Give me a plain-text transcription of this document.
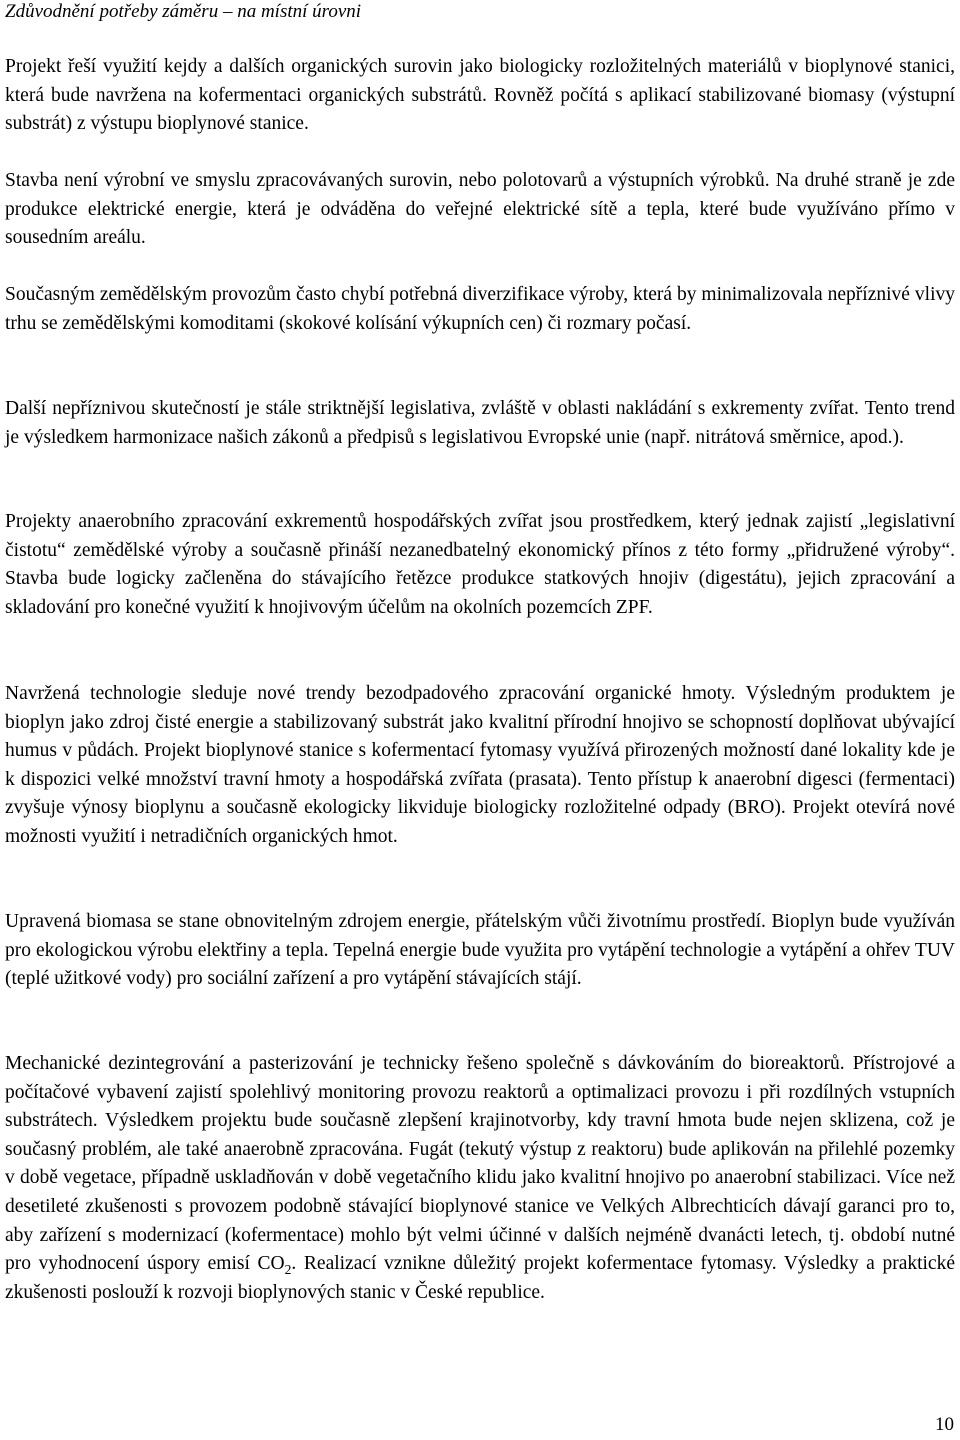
Zdůvodnění potřeby záměru – na místní úrovni

Projekt řeší využití kejdy a dalších organických surovin jako biologicky rozložitelných materiálů v bioplynové stanici, která bude navržena na kofermentaci organických substrátů. Rovněž počítá s aplikací stabilizované biomasy (výstupní substrát) z výstupu bioplynové stanice.

Stavba není výrobní ve smyslu zpracovávaných surovin, nebo polotovarů a výstupních výrobků. Na druhé straně je zde produkce elektrické energie, která je odváděna do veřejné elektrické sítě a tepla, které bude využíváno přímo v sousedním areálu.

Současným zemědělským provozům často chybí potřebná diverzifikace výroby, která by minimalizovala nepříznivé vlivy trhu se zemědělskými komoditami (skokové kolísání výkupních cen) či rozmary počasí.

Další nepříznivou skutečností je stále striktnější legislativa, zvláště v oblasti nakládání s exkrementy zvířat. Tento trend je výsledkem harmonizace našich zákonů a předpisů s legislativou Evropské unie (např. nitrátová směrnice, apod.).

Projekty anaerobního zpracování exkrementů hospodářských zvířat jsou prostředkem, který jednak zajistí „legislativní čistotu“ zemědělské výroby a současně přináší nezanedbatelný ekonomický přínos z této formy „přidružené výroby“. Stavba bude logicky začleněna do stávajícího řetězce produkce statkových hnojiv (digestátu), jejich zpracování a skladování pro konečné využití k hnojivovým účelům na okolních pozemcích ZPF.

Navržená technologie sleduje nové trendy bezodpadového zpracování organické hmoty. Výsledným produktem je bioplyn jako zdroj čisté energie a stabilizovaný substrát jako kvalitní přírodní hnojivo se schopností doplňovat ubývající humus v půdách. Projekt bioplynové stanice s kofermentací fytomasy využívá přirozených možností dané lokality kde je k dispozici velké množství travní hmoty a hospodářská zvířata (prasata). Tento přístup k anaerobní digesci (fermentaci) zvyšuje výnosy bioplynu a současně ekologicky likviduje biologicky rozložitelné odpady (BRO). Projekt otevírá nové možnosti využití i netradičních organických hmot.

Upravená biomasa se stane obnovitelným zdrojem energie, přátelským vůči životnímu prostředí. Bioplyn bude využíván pro ekologickou výrobu elektřiny a tepla. Tepelná energie bude využita pro vytápění technologie a vytápění a ohřev TUV (teplé užitkové vody) pro sociální zařízení a pro vytápění stávajících stájí.

Mechanické dezintegrování a pasterizování je technicky řešeno společně s dávkováním do bioreaktorů. Přístrojové a počítačové vybavení zajistí spolehlivý monitoring provozu reaktorů a optimalizaci provozu i při rozdílných vstupních substrátech. Výsledkem projektu bude současně zlepšení krajinotvorby, kdy travní hmota bude nejen sklizena, což je současný problém, ale také anaerobně zpracována. Fugát (tekutý výstup z reaktoru) bude aplikován na přilehlé pozemky v době vegetace, případně uskladňován v době vegetačního klidu jako kvalitní hnojivo po anaerobní stabilizaci. Více než desetileté zkušenosti s provozem podobně stávající bioplynové stanice ve Velkých Albrechticích dávají garanci pro to, aby zařízení s modernizací (kofermentace) mohlo být velmi účinné v dalších nejméně dvanácti letech, tj. období nutné pro vyhodnocení úspory emisí $CO_2$. Realizací vznikne důležitý projekt kofermentace fytomasy. Výsledky a praktické zkušenosti poslouží k rozvoji bioplynových stanic v České republice.

10
